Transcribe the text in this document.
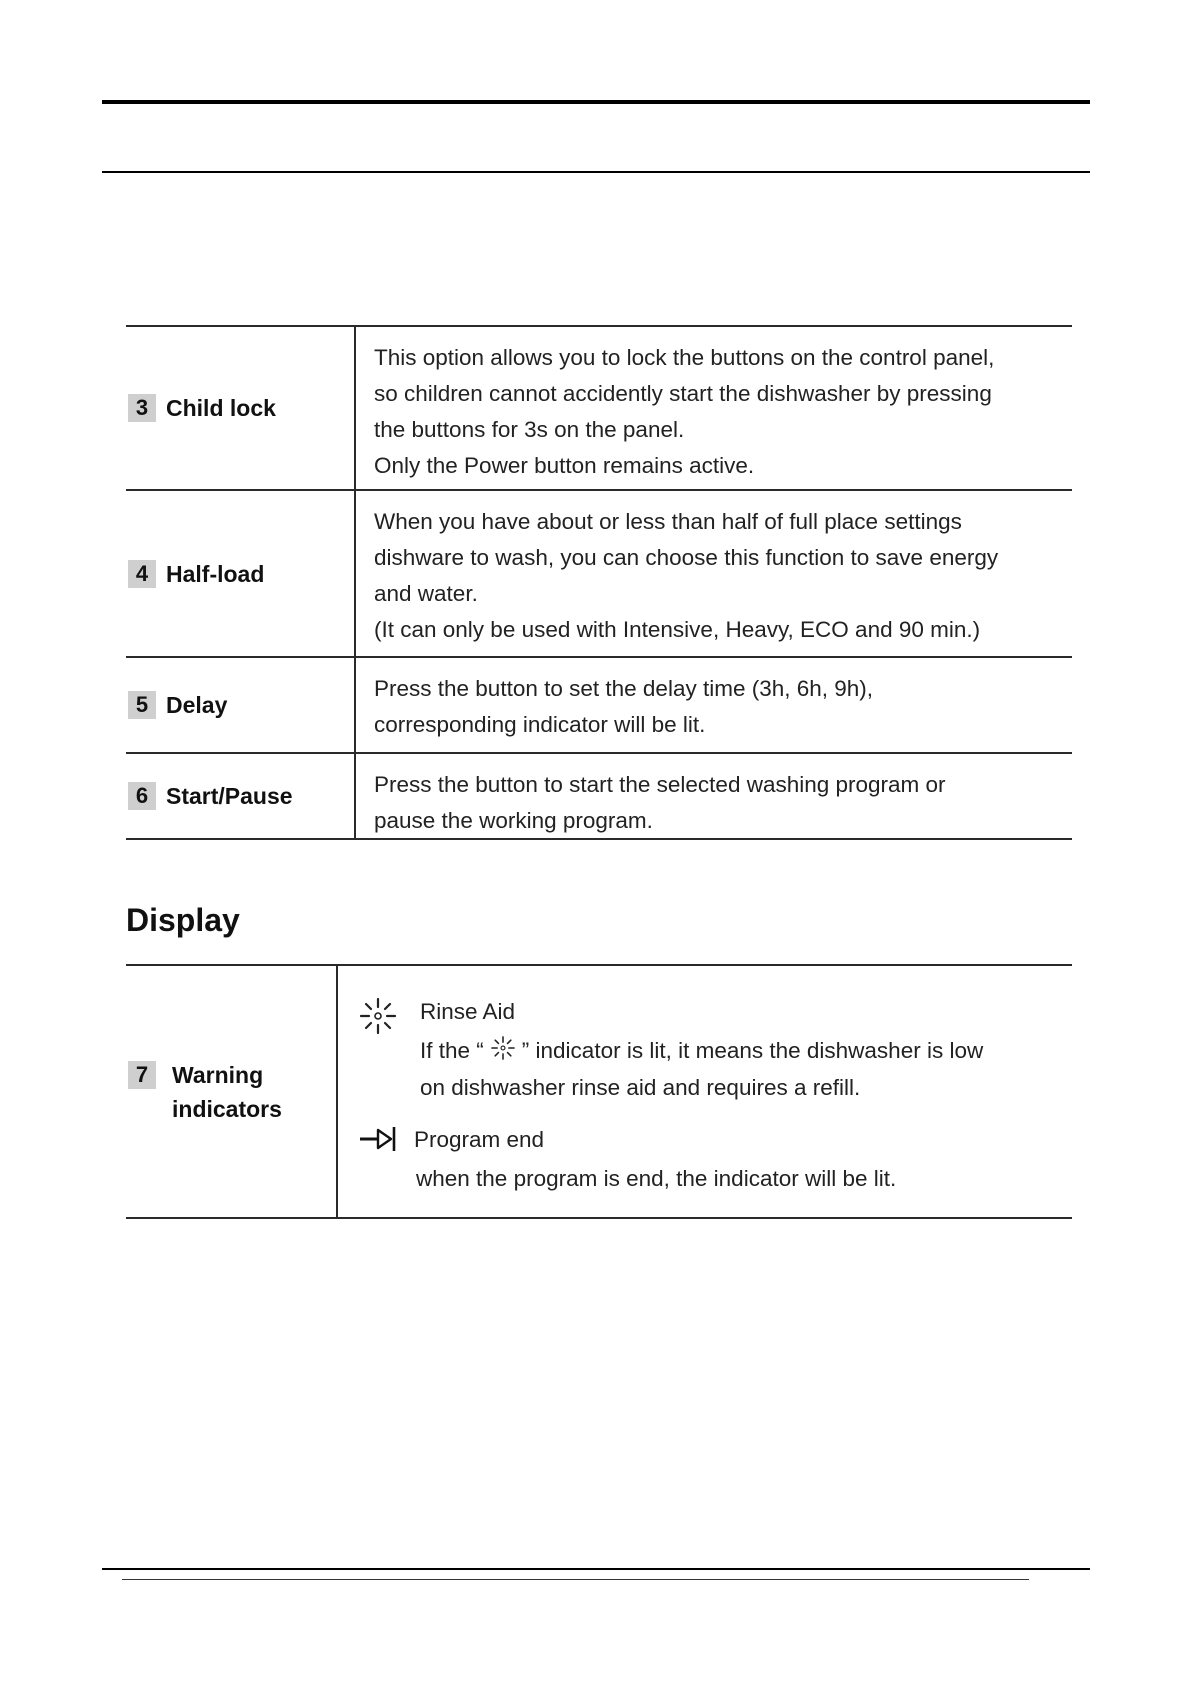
3 Child lock
This option allows you to lock the buttons on the control panel,
so children cannot accidently start the dishwasher by pressing
the buttons for 3s on the panel.
Only the Power button remains active.
4 Half-load
When you have about or less than half of full place settings
dishware to wash, you can choose this function to save energy
and water.
(It can only be used with Intensive, Heavy, ECO and 90 min.)
5 Delay
Press the button to set the delay time (3h, 6h, 9h),
corresponding indicator will be lit.
6 Start/Pause	Press the button to start the selected washing program or
pause the working program.
Display
7	Warning
indicators
Rinse Aid
If the “ ” indicator is lit, it means the dishwasher is low
on dishwasher rinse aid and requires a refill.
Program end
when the program is end, the indicator will be lit.
